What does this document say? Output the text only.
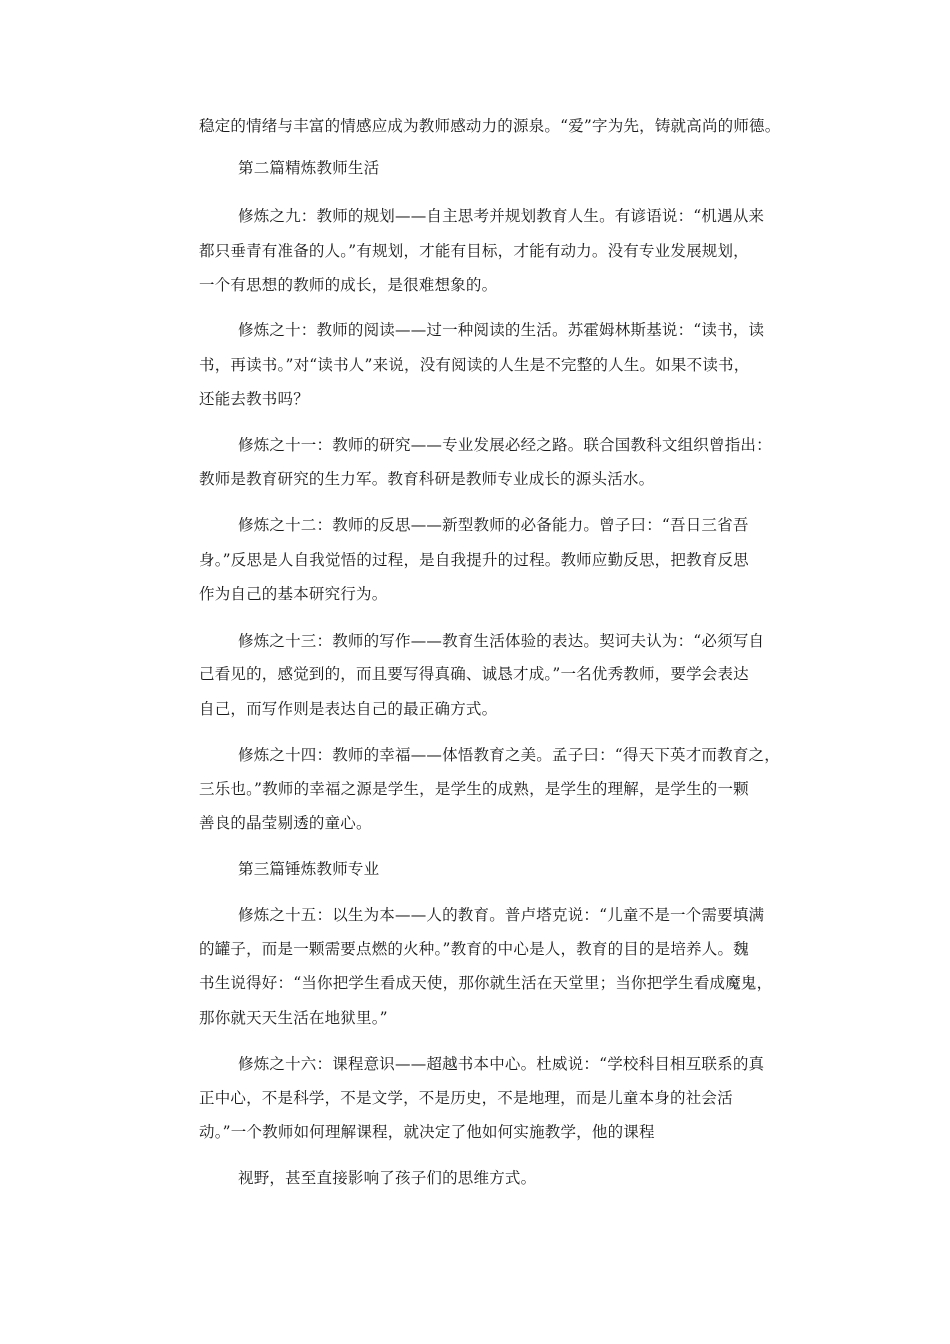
稳定的情绪与丰富的情感应成为教师感动力的源泉。“爱”字为先，铸就高尚的师德。
第二篇精炼教师生活
修炼之九：教师的规划——自主思考并规划教育人生。有谚语说：“机遇从来
都只垂青有准备的人。”有规划，才能有目标，才能有动力。没有专业发展规划，
一个有思想的教师的成长，是很难想象的。
修炼之十：教师的阅读——过一种阅读的生活。苏霍姆林斯基说：“读书，读
书，再读书。”对“读书人”来说，没有阅读的人生是不完整的人生。如果不读书，
还能去教书吗？
修炼之十一：教师的研究——专业发展必经之路。联合国教科文组织曾指出：
教师是教育研究的生力军。教育科研是教师专业成长的源头活水。
修炼之十二：教师的反思——新型教师的必备能力。曾子曰：“吾日三省吾
身。”反思是人自我觉悟的过程，是自我提升的过程。教师应勤反思，把教育反思
作为自己的基本研究行为。
修炼之十三：教师的写作——教育生活体验的表达。契诃夫认为：“必须写自
己看见的，感觉到的，而且要写得真确、诚恳才成。”一名优秀教师，要学会表达
自己，而写作则是表达自己的最正确方式。
修炼之十四：教师的幸福——体悟教育之美。孟子曰：“得天下英才而教育之，
三乐也。”教师的幸福之源是学生，是学生的成熟，是学生的理解，是学生的一颗
善良的晶莹剔透的童心。
第三篇锤炼教师专业
修炼之十五：以生为本——人的教育。普卢塔克说：“儿童不是一个需要填满
的罐子，而是一颗需要点燃的火种。”教育的中心是人，教育的目的是培养人。魏
书生说得好：“当你把学生看成天使，那你就生活在天堂里；当你把学生看成魔鬼，
那你就天天生活在地狱里。”
修炼之十六：课程意识——超越书本中心。杜威说：“学校科目相互联系的真
正中心，不是科学，不是文学，不是历史，不是地理，而是儿童本身的社会活
动。”一个教师如何理解课程，就决定了他如何实施教学，他的课程
视野，甚至直接影响了孩子们的思维方式。
